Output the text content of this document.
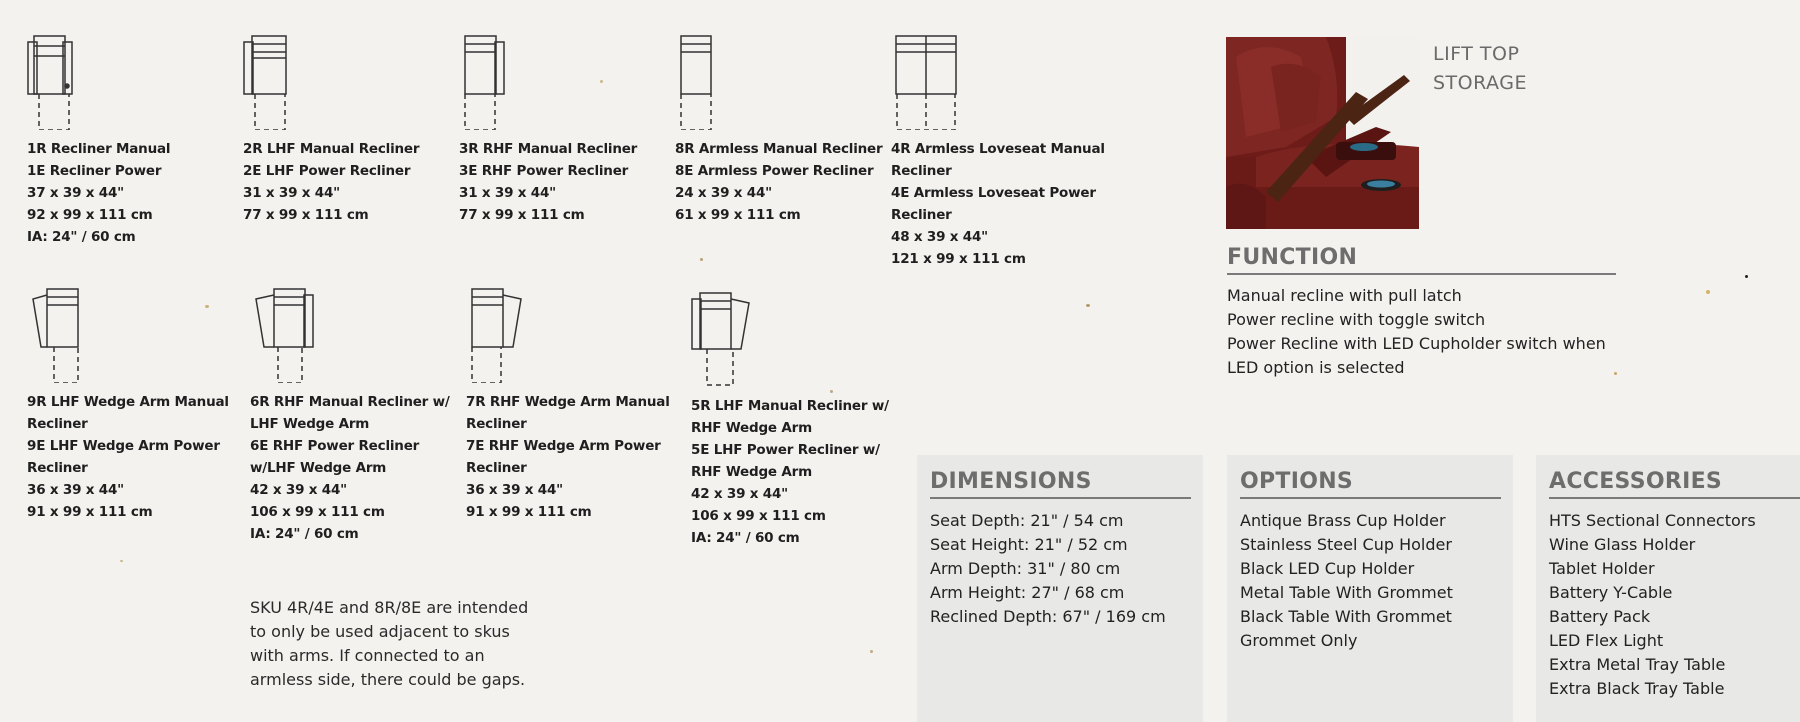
1R Recliner Manual
1E Recliner Power
37 x 39 x 44"
92 x 99 x 111 cm
IA: 24" / 60 cm
2R LHF Manual Recliner
2E LHF Power Recliner
31 x 39 x 44"
77 x 99 x 111 cm
3R RHF Manual Recliner
3E RHF Power Recliner
31 x 39 x 44"
77 x 99 x 111 cm
8R Armless Manual Recliner
8E Armless Power Recliner
24 x 39 x 44"
61 x 99 x 111 cm
4R Armless Loveseat Manual
Recliner
4E Armless Loveseat Power
Recliner
48 x 39 x 44"
121 x 99 x 111 cm
9R LHF Wedge Arm Manual
Recliner
9E LHF Wedge Arm Power
Recliner
36 x 39 x 44"
91 x 99 x 111 cm
6R RHF Manual Recliner w/
LHF Wedge Arm
6E RHF Power Recliner
w/LHF Wedge Arm
42 x 39 x 44"
106 x 99 x 111 cm
IA: 24" / 60 cm
7R RHF Wedge Arm Manual
Recliner
7E RHF Wedge Arm Power
Recliner
36 x 39 x 44"
91 x 99 x 111 cm
5R LHF Manual Recliner w/
RHF Wedge Arm
5E LHF Power Recliner w/
RHF Wedge Arm
42 x 39 x 44"
106 x 99 x 111 cm
IA: 24" / 60 cm
SKU 4R/4E and 8R/8E are intended
to only be used adjacent to skus
with arms. If connected to an
armless side, there could be gaps.
LIFT TOP
STORAGE
FUNCTION
Manual recline with pull latch
Power recline with toggle switch
Power Recline with LED Cupholder switch when
LED option is selected
DIMENSIONS
Seat Depth: 21" / 54 cm
Seat Height: 21" / 52 cm
Arm Depth: 31" / 80 cm
Arm Height: 27" / 68 cm
Reclined Depth: 67" / 169 cm
OPTIONS
Antique Brass Cup Holder
Stainless Steel Cup Holder
Black LED Cup Holder
Metal Table With Grommet
Black Table With Grommet
Grommet Only
ACCESSORIES
HTS Sectional Connectors
Wine Glass Holder
Tablet Holder
Battery Y-Cable
Battery Pack
LED Flex Light
Extra Metal Tray Table
Extra Black Tray Table
